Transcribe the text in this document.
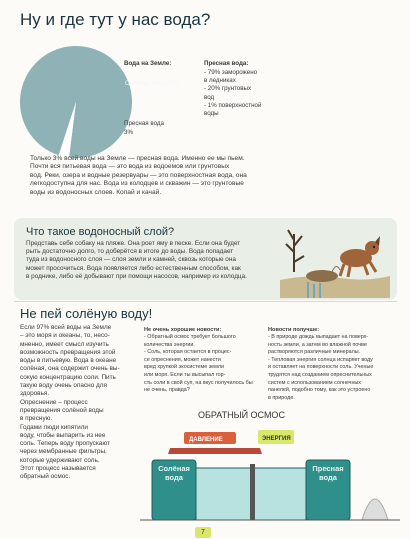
Ну и где тут у нас вода?
Вода на Земле:
Солёная вода 97%
Пресная вода
3%
Пресная вода:
- 79% заморожено
в ледниках
- 20% грунтовых
вод
- 1% поверхностной
воды
Только 3% всей воды на Земле — пресная вода. Именно ее мы пьем.
Почти вся питьевая вода — это вода из водоемов или грунтовых
вод. Реки, озера и водные резервуары — это поверхностная вода, она
легкодоступна для нас. Вода из колодцев и скважин — это грунтовые
воды из водоносных слоев. Копай и качай.
Что такое водоносный слой?
Представь себе собаку на пляже. Она роет яму в песке. Если она будет
рыть достаточно долго, то доберётся в итоге до воды. Вода попадает
туда из водоносного слоя — слоя земли и камней, сквозь которые она
может просочиться. Вода появляется либо естественным способом, как
в роднике, либо её добывают при помощи насосов, например из колодца.
Не пей солёную воду!
Если 97% всей воды на Земле
– это моря и океаны, то, несо-
мненно, имеет смысл изучить
возможность превращения этой
воды в питьевую. Вода в океане
солёная, она содержит очень вы-
сокую концентрацию соли. Пить
такую воду очень опасно для
здоровья.
Опреснение – процесс
превращения солёной воды
в пресную.
Годами люди кипятили
воду, чтобы выпарить из нее
соль. Теперь воду пропускают
через мембранные фильтры,
которые удерживают соль.
Этот процесс называется
обратный осмос.
Не очень хорошие новости:
- Обратный осмос требует большого
количества энергии.
- Соль, которая остается в процес-
се опреснения, может нанести
вред хрупкой экосистеме земли
или моря. Если ты высыпал гор-
сть соли в свой суп, на вкус получилось бы
не очень, правда?
Новости получше:
- В природе дождь выпадает на поверх-
ность земли, а затем во влажной почве
растворяются различные минералы.
- Тепловая энергия солнца испаряет воду
и оставляет на поверхности соль. Ученые
трудятся над созданием опреснительных
систем с использованием солнечных
панелей, подобно тому, как это устроено
в природе.
ОБРАТНЫЙ ОСМОС
ДАВЛЕНИЕ	ЭНЕРГИЯ
Солёная вода
Пресная вода
7
